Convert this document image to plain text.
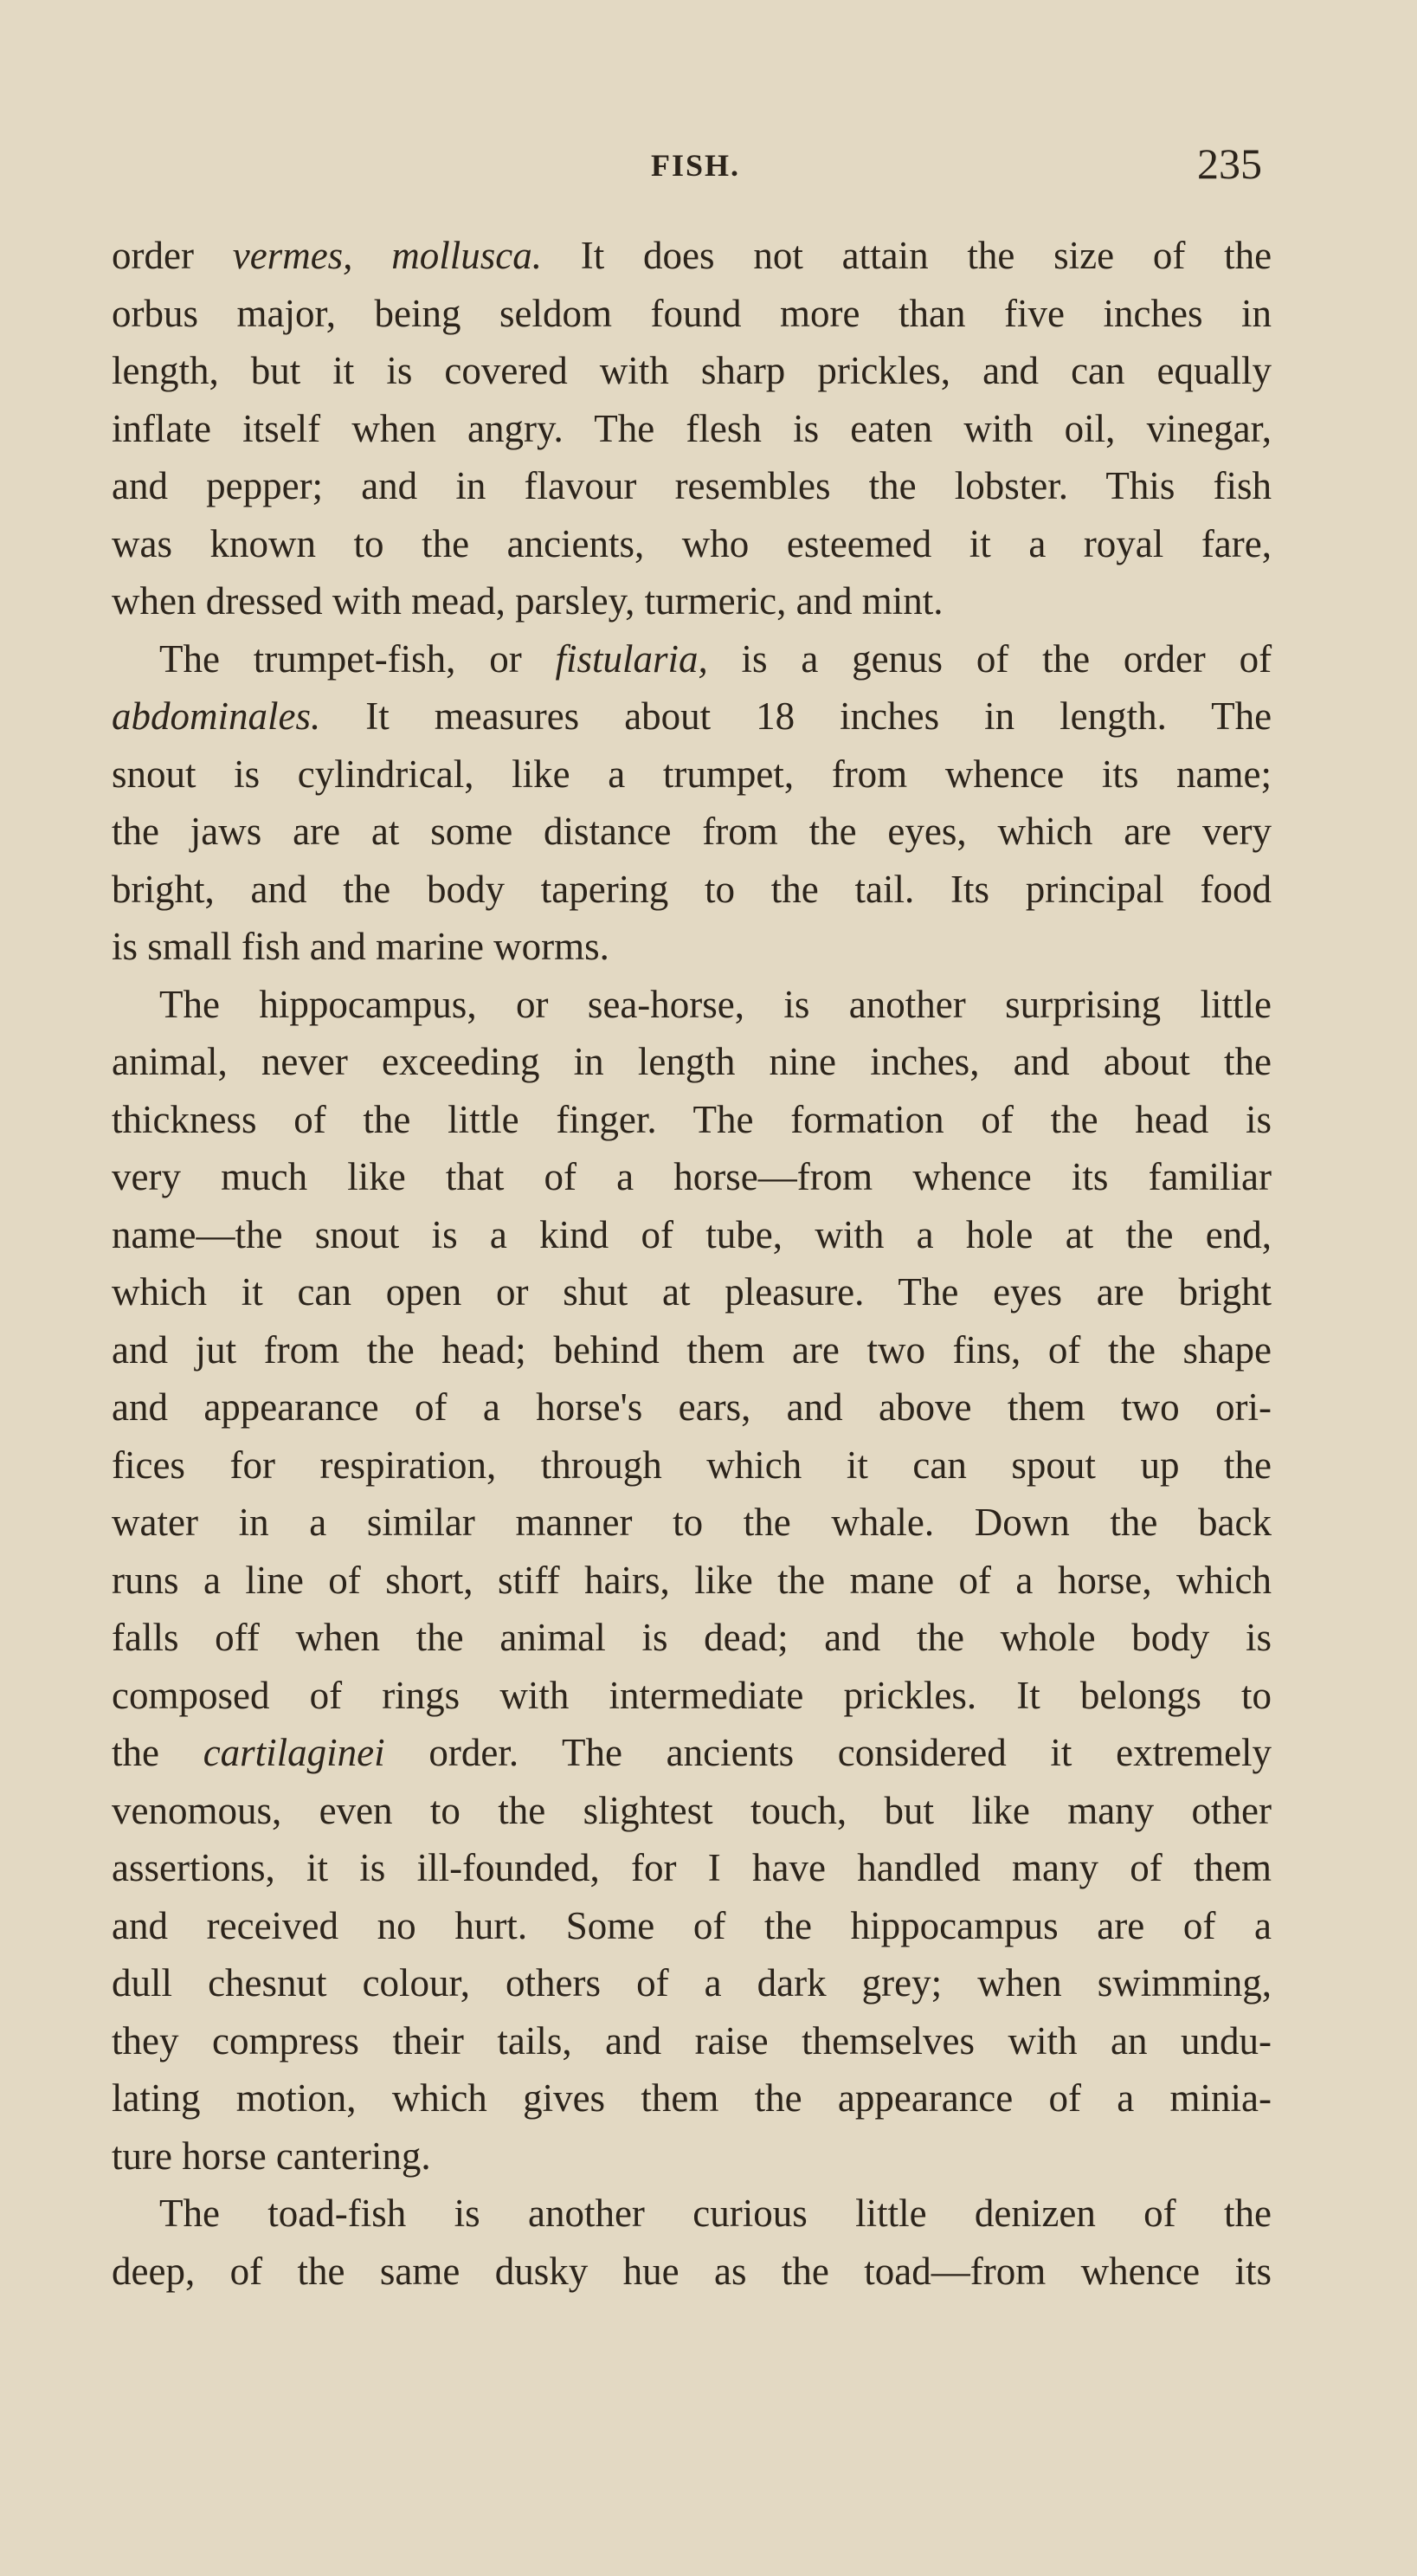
FISH.	235
order vermes, mollusca. It does not attain the size of the
orbus major, being seldom found more than five inches in
length, but it is covered with sharp prickles, and can equally
inflate itself when angry. The flesh is eaten with oil, vinegar,
and pepper; and in flavour resembles the lobster. This fish
was known to the ancients, who esteemed it a royal fare,
when dressed with mead, parsley, turmeric, and mint.
The trumpet-fish, or fistularia, is a genus of the order of
abdominales. It measures about 18 inches in length. The
snout is cylindrical, like a trumpet, from whence its name;
the jaws are at some distance from the eyes, which are very
bright, and the body tapering to the tail. Its principal food
is small fish and marine worms.
The hippocampus, or sea-horse, is another surprising little
animal, never exceeding in length nine inches, and about the
thickness of the little finger. The formation of the head is
very much like that of a horse—from whence its familiar
name—the snout is a kind of tube, with a hole at the end,
which it can open or shut at pleasure. The eyes are bright
and jut from the head; behind them are two fins, of the shape
and appearance of a horse's ears, and above them two ori-
fices for respiration, through which it can spout up the
water in a similar manner to the whale. Down the back
runs a line of short, stiff hairs, like the mane of a horse, which
falls off when the animal is dead; and the whole body is
composed of rings with intermediate prickles. It belongs to
the cartilaginei order. The ancients considered it extremely
venomous, even to the slightest touch, but like many other
assertions, it is ill-founded, for I have handled many of them
and received no hurt. Some of the hippocampus are of a
dull chesnut colour, others of a dark grey; when swimming,
they compress their tails, and raise themselves with an undu-
lating motion, which gives them the appearance of a minia-
ture horse cantering.
The toad-fish is another curious little denizen of the
deep, of the same dusky hue as the toad—from whence its
